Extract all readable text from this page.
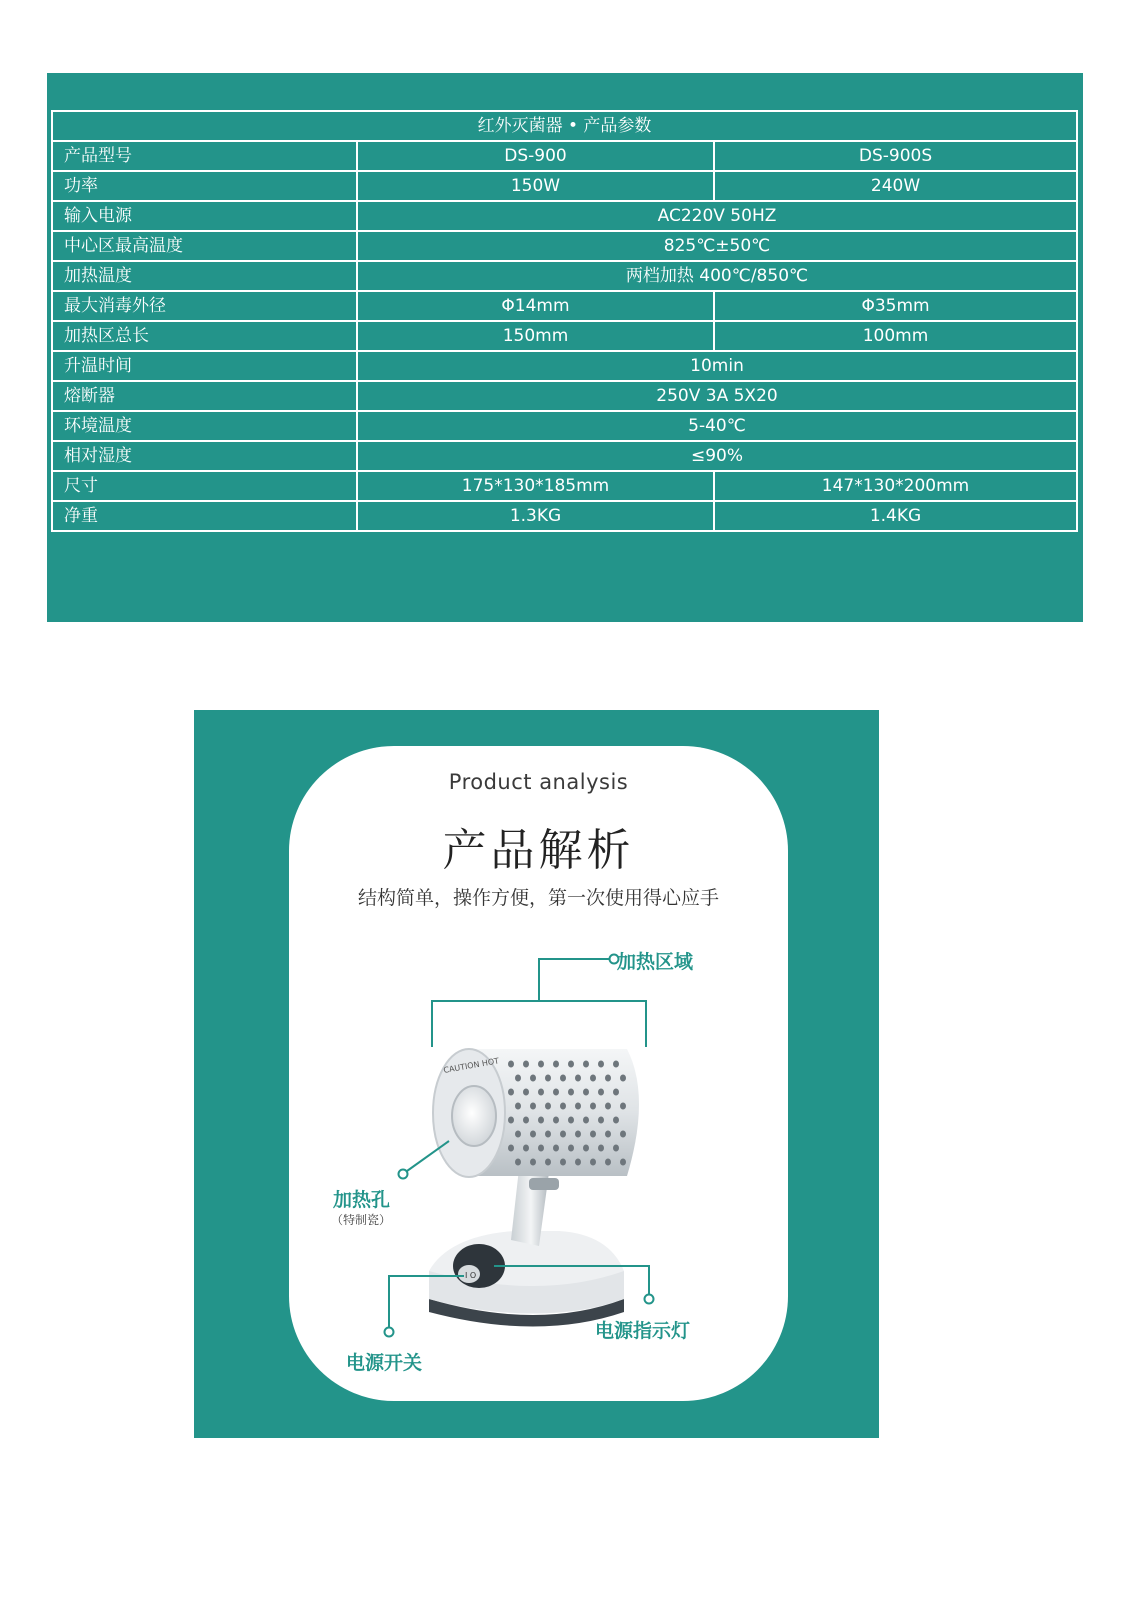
红外灭菌器 • 产品参数		
产品型号	DS-900	DS-900S
功率	150W	240W
输入电源	AC220V 50HZ	
中心区最高温度	825℃±50℃	
加热温度	两档加热 400℃/850℃	
最大消毒外径	Φ14mm	Φ35mm
加热区总长	150mm	100mm
升温时间	10min	
熔断器	250V 3A 5X20	
环境温度	5-40℃	
相对湿度	≤90%	
尺寸	175*130*185mm	147*130*200mm
净重	1.3KG	1.4KG
Product analysis
产品解析
结构简单，操作方便，第一次使用得心应手
I O
CAUTION HOT
加热区域
加热孔
（特制瓷）
电源开关
电源指示灯
